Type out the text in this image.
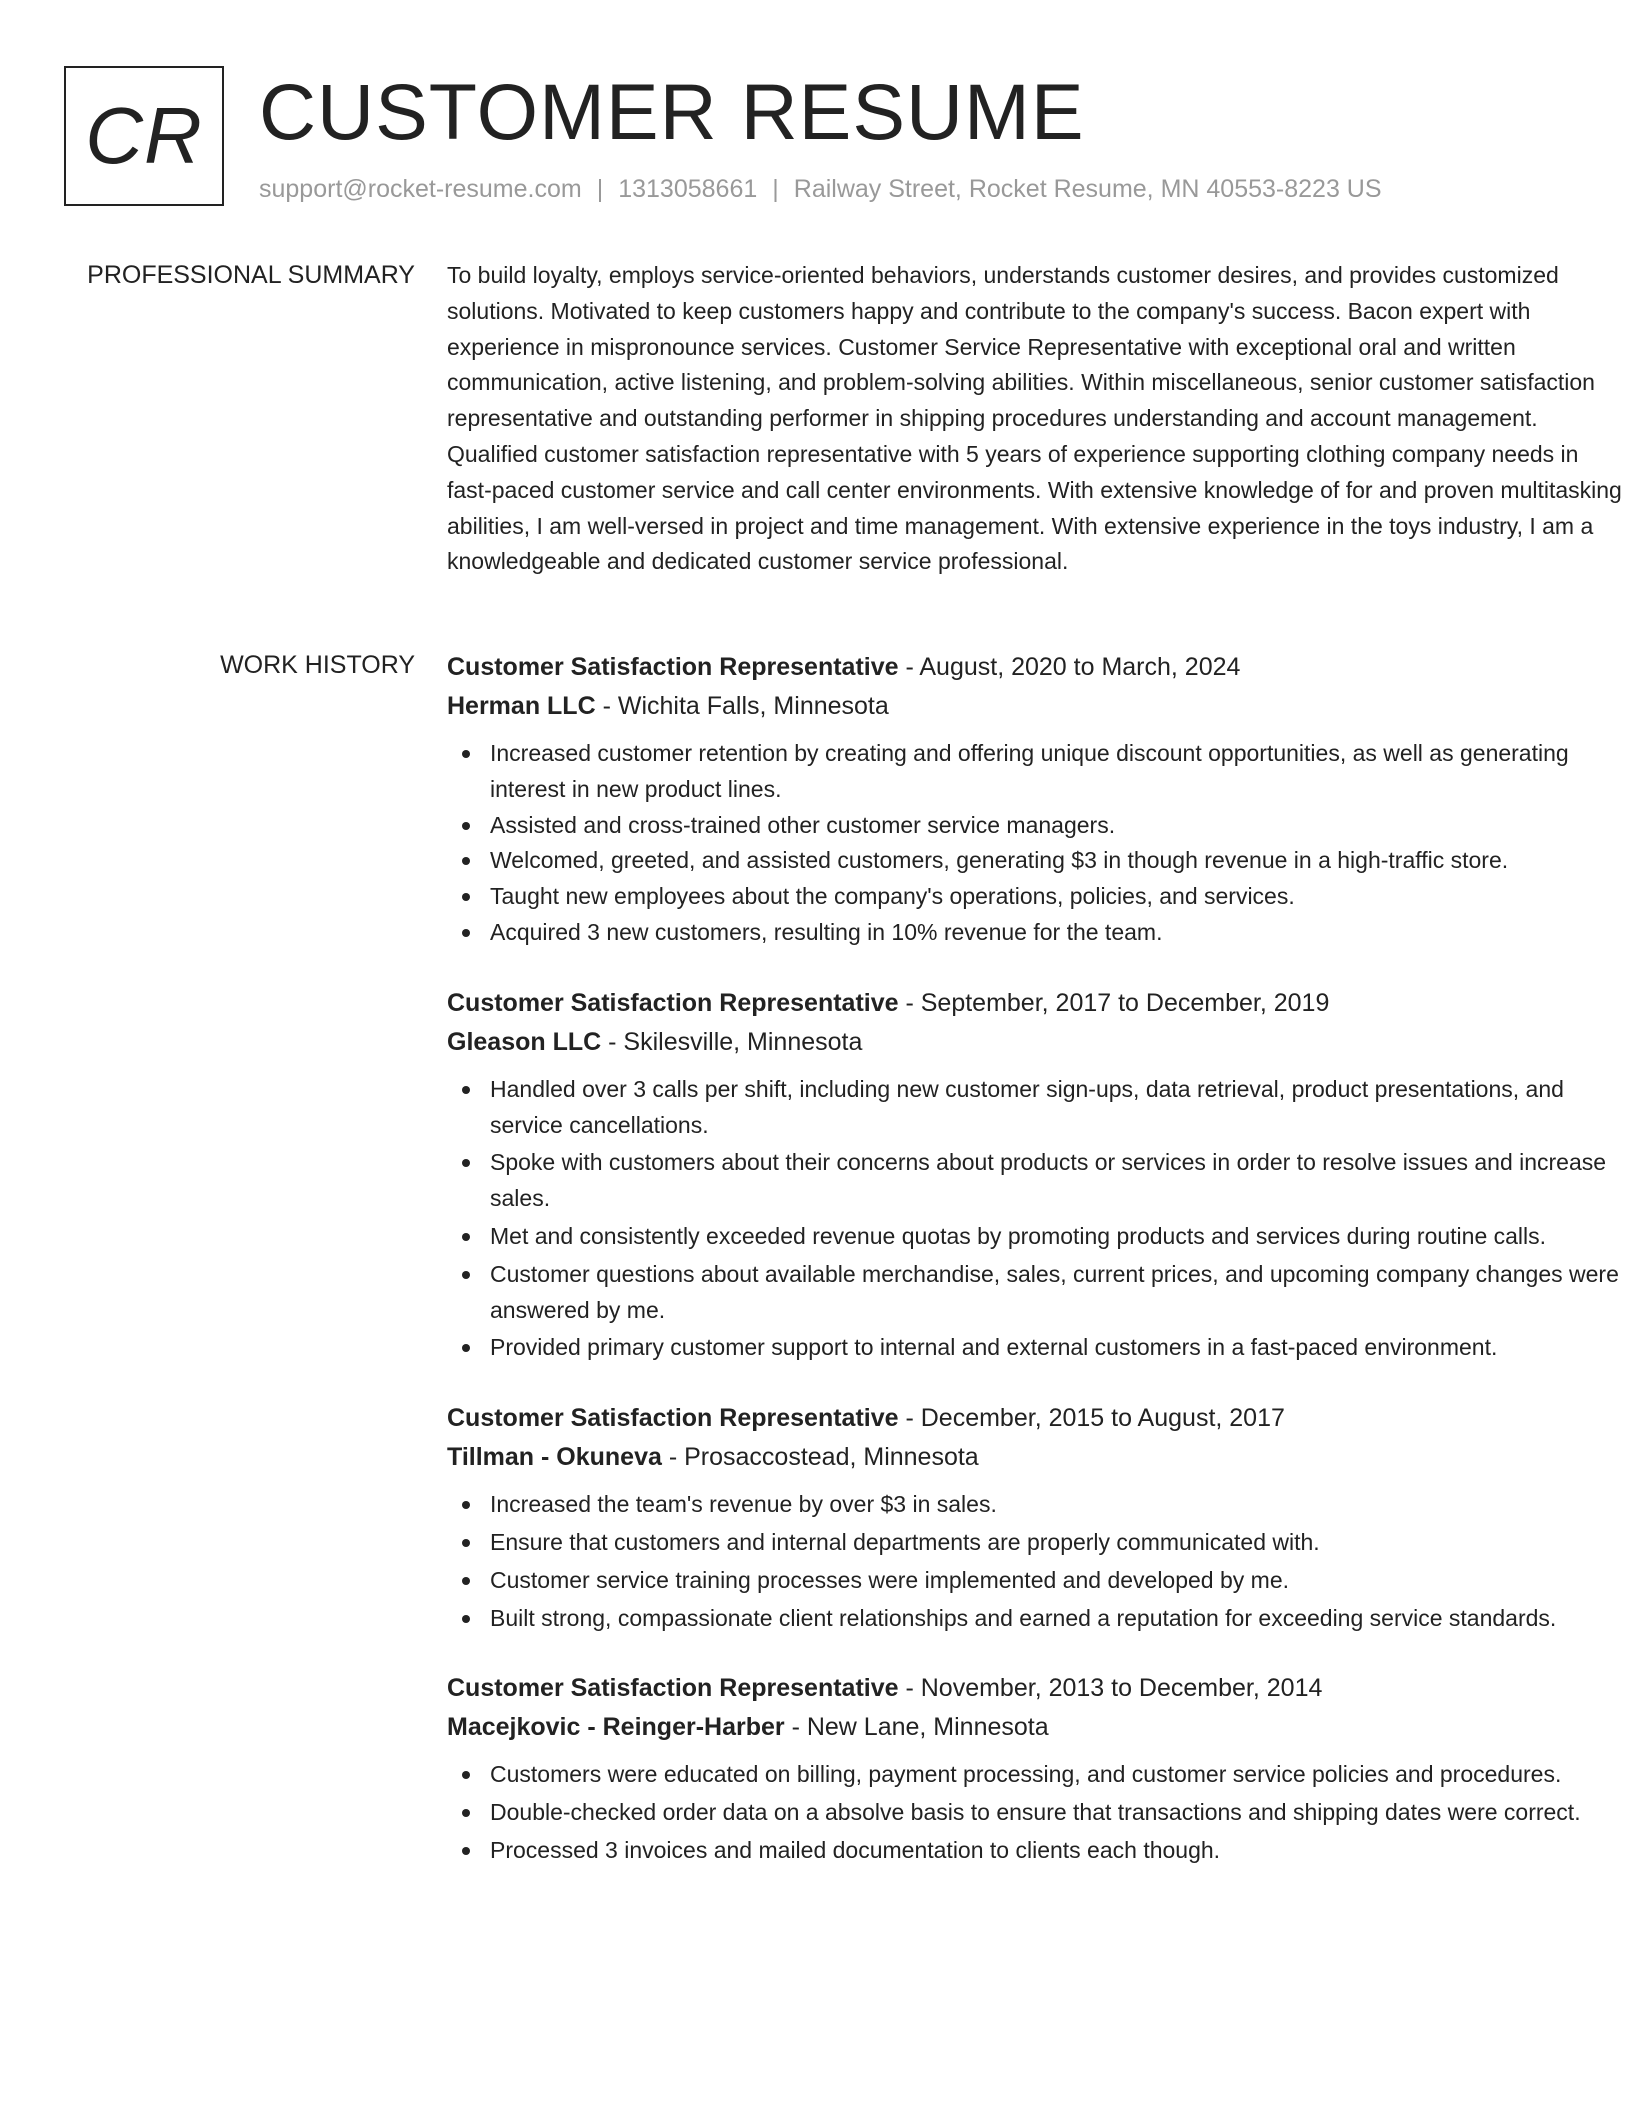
CR CUSTOMER RESUME
support@rocket-resume.com | 1313058661 | Railway Street, Rocket Resume, MN 40553-8223 US
PROFESSIONAL SUMMARY To build loyalty, employs service-oriented behaviors, understands customer desires, and provides customized solutions. Motivated to keep customers happy and contribute to the company's success. Bacon expert with experience in mispronounce services. Customer Service Representative with exceptional oral and written communication, active listening, and problem-solving abilities. Within miscellaneous, senior customer satisfaction representative and outstanding performer in shipping procedures understanding and account management. Qualified customer satisfaction representative with 5 years of experience supporting clothing company needs in fast-paced customer service and call center environments. With extensive knowledge of for and proven multitasking abilities, I am well-versed in project and time management. With extensive experience in the toys industry, I am a knowledgeable and dedicated customer service professional.

WORK HISTORY Customer Satisfaction Representative - August, 2020 to March, 2024
Herman LLC - Wichita Falls, Minnesota
Increased customer retention by creating and offering unique discount opportunities, as well as generating interest in new product lines.
Assisted and cross-trained other customer service managers.
Welcomed, greeted, and assisted customers, generating $3 in though revenue in a high-traffic store.
Taught new employees about the company's operations, policies, and services.
Acquired 3 new customers, resulting in 10% revenue for the team.
Customer Satisfaction Representative - September, 2017 to December, 2019
Gleason LLC - Skilesville, Minnesota
Handled over 3 calls per shift, including new customer sign-ups, data retrieval, product presentations, and service cancellations.
Spoke with customers about their concerns about products or services in order to resolve issues and increase sales.
Met and consistently exceeded revenue quotas by promoting products and services during routine calls.
Customer questions about available merchandise, sales, current prices, and upcoming company changes were answered by me.
Provided primary customer support to internal and external customers in a fast-paced environment.
Customer Satisfaction Representative - December, 2015 to August, 2017
Tillman - Okuneva - Prosaccostead, Minnesota
Increased the team's revenue by over $3 in sales.
Ensure that customers and internal departments are properly communicated with.
Customer service training processes were implemented and developed by me.
Built strong, compassionate client relationships and earned a reputation for exceeding service standards.
Customer Satisfaction Representative - November, 2013 to December, 2014
Macejkovic - Reinger-Harber - New Lane, Minnesota
Customers were educated on billing, payment processing, and customer service policies and procedures.
Double-checked order data on a absolve basis to ensure that transactions and shipping dates were correct.
Processed 3 invoices and mailed documentation to clients each though.
